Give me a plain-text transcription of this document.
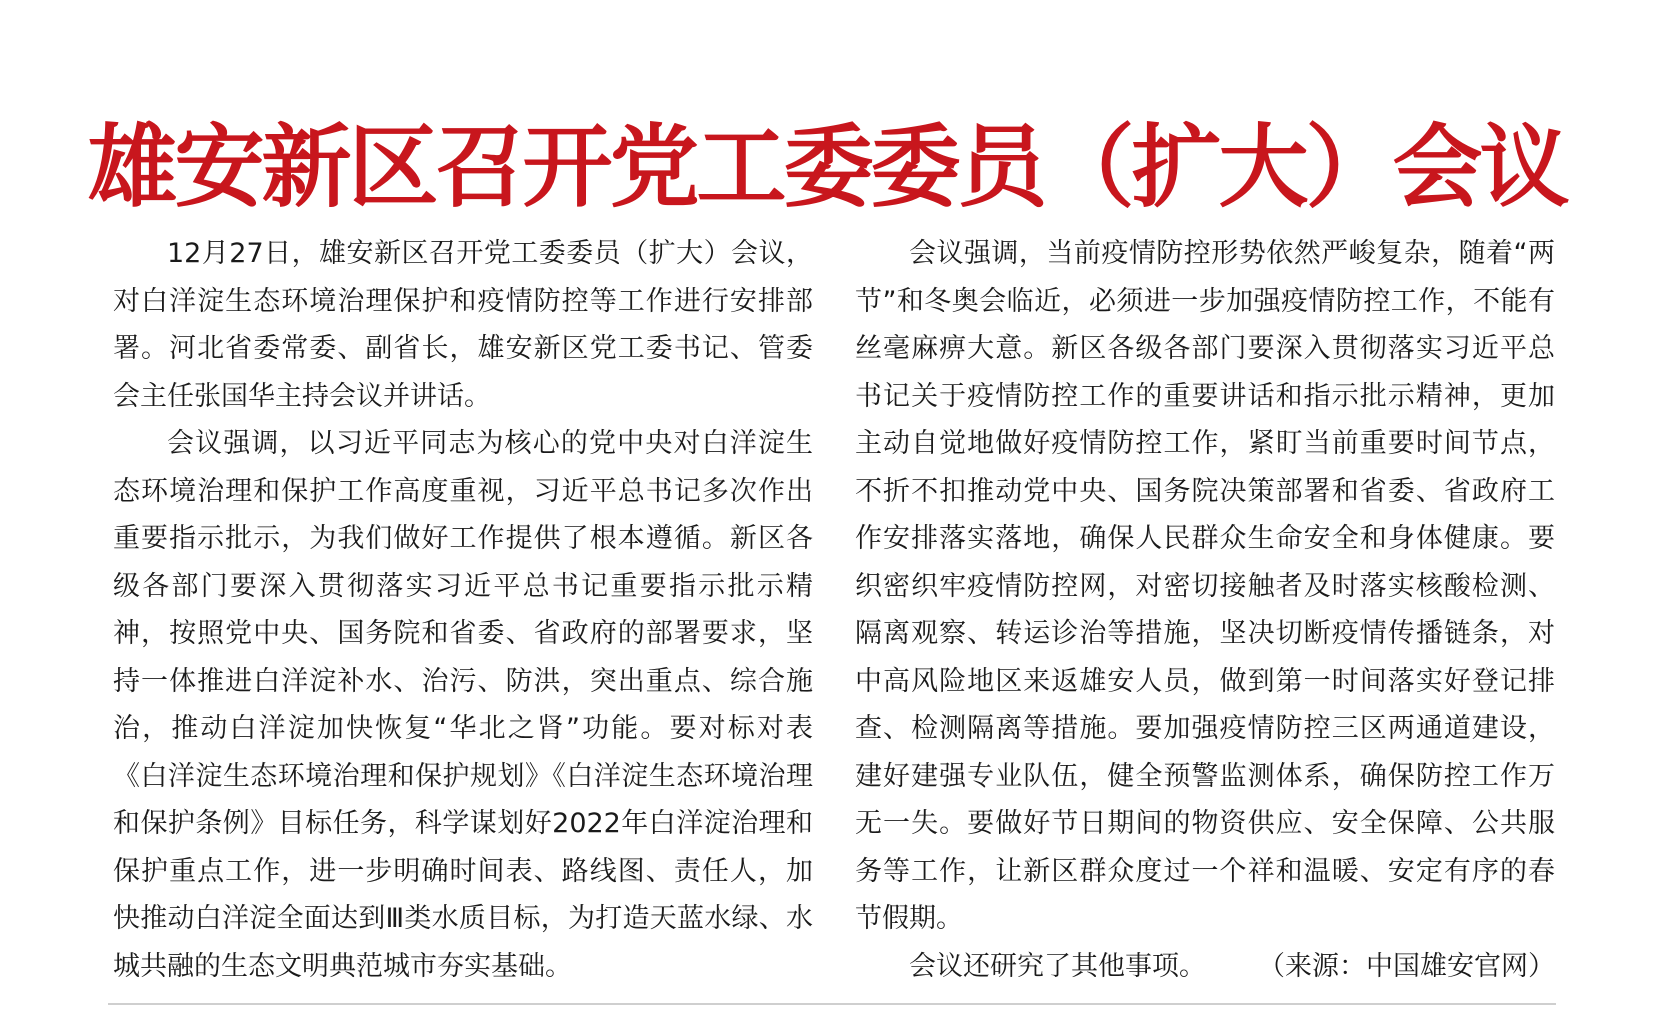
雄安新区召开党工委委员（扩大）会议

12月27日，雄安新区召开党工委委员（扩大）会议，对白洋淀生态环境治理保护和疫情防控等工作进行安排部署。河北省委常委、副省长，雄安新区党工委书记、管委会主任张国华主持会议并讲话。

会议强调，以习近平同志为核心的党中央对白洋淀生态环境治理和保护工作高度重视，习近平总书记多次作出重要指示批示，为我们做好工作提供了根本遵循。新区各级各部门要深入贯彻落实习近平总书记重要指示批示精神，按照党中央、国务院和省委、省政府的部署要求，坚持一体推进白洋淀补水、治污、防洪，突出重点、综合施治，推动白洋淀加快恢复“华北之肾”功能。要对标对表《白洋淀生态环境治理和保护规划》《白洋淀生态环境治理和保护条例》目标任务，科学谋划好2022年白洋淀治理和保护重点工作，进一步明确时间表、路线图、责任人，加快推动白洋淀全面达到Ⅲ类水质目标，为打造天蓝水绿、水城共融的生态文明典范城市夯实基础。

会议强调，当前疫情防控形势依然严峻复杂，随着“两节”和冬奥会临近，必须进一步加强疫情防控工作，不能有丝毫麻痹大意。新区各级各部门要深入贯彻落实习近平总书记关于疫情防控工作的重要讲话和指示批示精神，更加主动自觉地做好疫情防控工作，紧盯当前重要时间节点，不折不扣推动党中央、国务院决策部署和省委、省政府工作安排落实落地，确保人民群众生命安全和身体健康。要织密织牢疫情防控网，对密切接触者及时落实核酸检测、隔离观察、转运诊治等措施，坚决切断疫情传播链条，对中高风险地区来返雄安人员，做到第一时间落实好登记排查、检测隔离等措施。要加强疫情防控三区两通道建设，建好建强专业队伍，健全预警监测体系，确保防控工作万无一失。要做好节日期间的物资供应、安全保障、公共服务等工作，让新区群众度过一个祥和温暖、安定有序的春节假期。

会议还研究了其他事项。 （来源：中国雄安官网）
